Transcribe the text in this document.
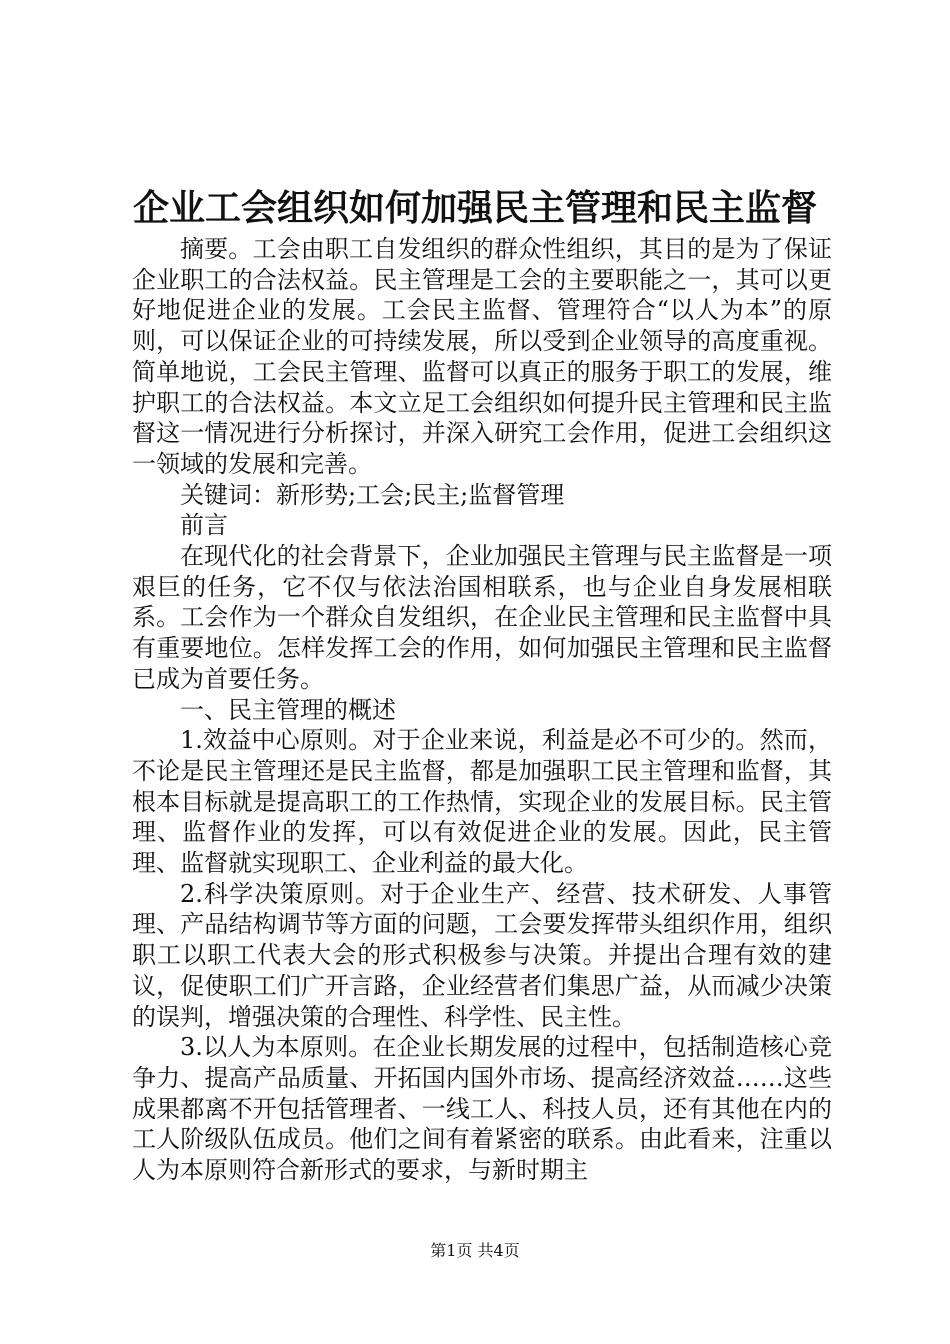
企业工会组织如何加强民主管理和民主监督

摘要。工会由职工自发组织的群众性组织，其目的是为了保证企业职工的合法权益。民主管理是工会的主要职能之一，其可以更好地促进企业的发展。工会民主监督、管理符合“以人为本”的原则，可以保证企业的可持续发展，所以受到企业领导的高度重视。简单地说，工会民主管理、监督可以真正的服务于职工的发展，维护职工的合法权益。本文立足工会组织如何提升民主管理和民主监督这一情况进行分析探讨，并深入研究工会作用，促进工会组织这一领域的发展和完善。

关键词：新形势;工会;民主;监督管理

前言

在现代化的社会背景下，企业加强民主管理与民主监督是一项艰巨的任务，它不仅与依法治国相联系，也与企业自身发展相联系。工会作为一个群众自发组织，在企业民主管理和民主监督中具有重要地位。怎样发挥工会的作用，如何加强民主管理和民主监督已成为首要任务。

一、民主管理的概述

1.效益中心原则。对于企业来说，利益是必不可少的。然而，不论是民主管理还是民主监督，都是加强职工民主管理和监督，其根本目标就是提高职工的工作热情，实现企业的发展目标。民主管理、监督作业的发挥，可以有效促进企业的发展。因此，民主管理、监督就实现职工、企业利益的最大化。

2.科学决策原则。对于企业生产、经营、技术研发、人事管理、产品结构调节等方面的问题，工会要发挥带头组织作用，组织职工以职工代表大会的形式积极参与决策。并提出合理有效的建议，促使职工们广开言路，企业经营者们集思广益，从而减少决策的误判，增强决策的合理性、科学性、民主性。

3.以人为本原则。在企业长期发展的过程中，包括制造核心竞争力、提高产品质量、开拓国内国外市场、提高经济效益……这些成果都离不开包括管理者、一线工人、科技人员，还有其他在内的工人阶级队伍成员。他们之间有着紧密的联系。由此看来，注重以人为本原则符合新形式的要求，与新时期主

第1页 共4页
